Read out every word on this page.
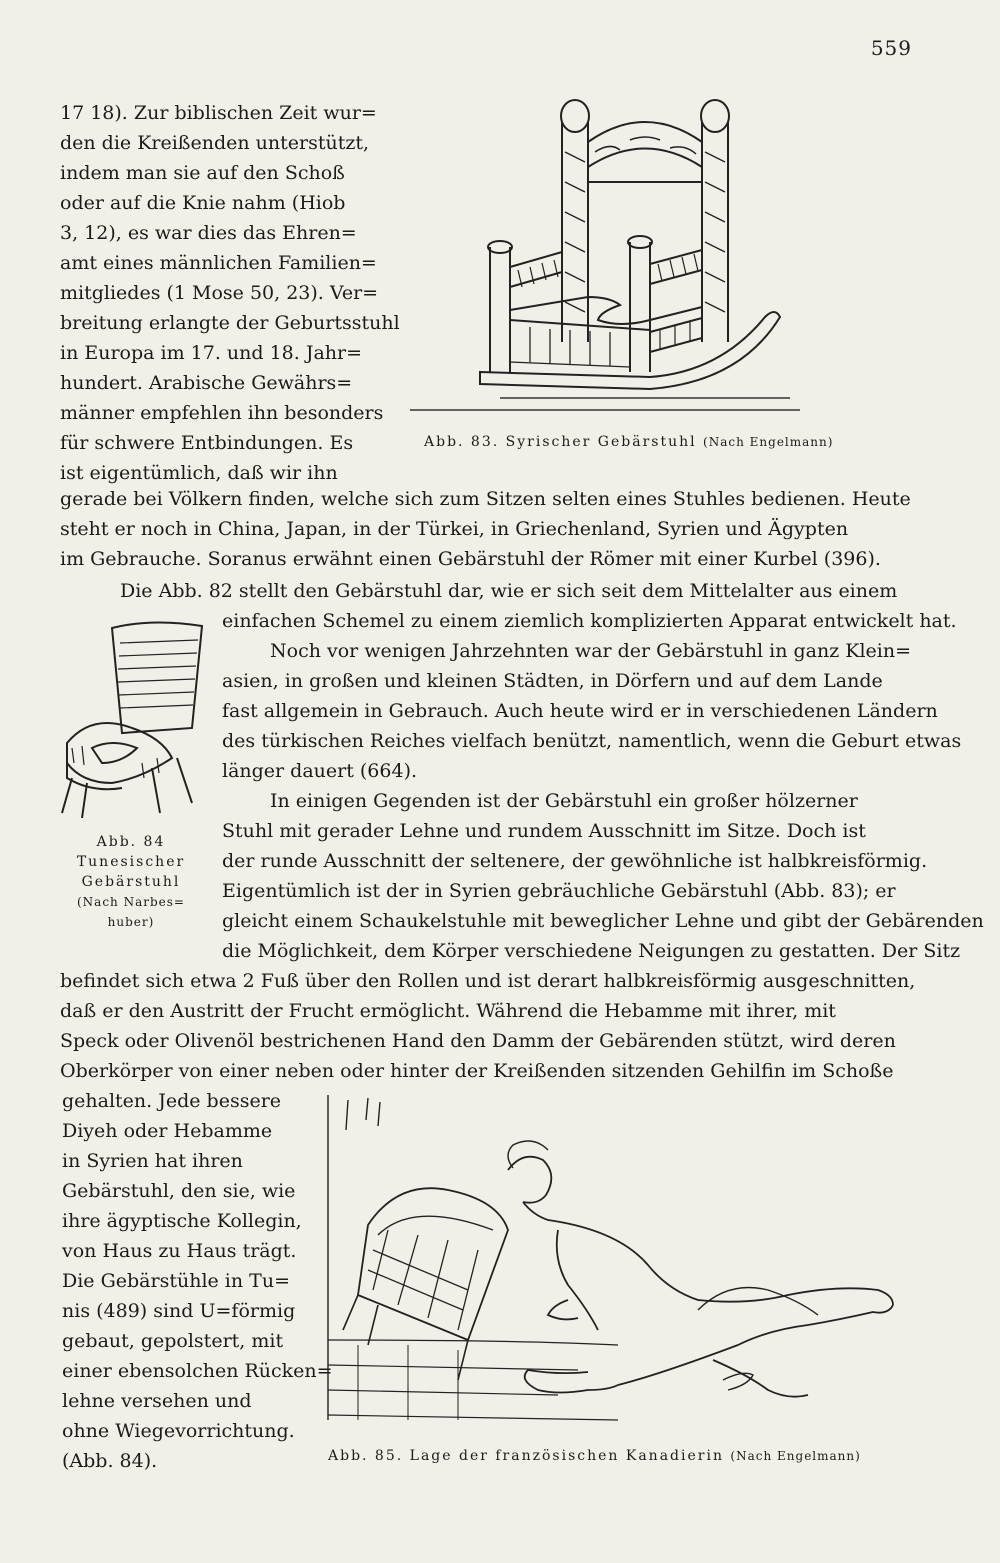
559

17 18). Zur biblischen Zeit wur=
den die Kreißenden unterstützt,
indem man sie auf den Schoß
oder auf die Knie nahm (Hiob
3, 12), es war dies das Ehren=
amt eines männlichen Familien=
mitgliedes (1 Mose 50, 23). Ver=
breitung erlangte der Geburtsstuhl
in Europa im 17. und 18. Jahr=
hundert. Arabische Gewährs=
männer empfehlen ihn besonders
für schwere Entbindungen. Es
ist eigentümlich, daß wir ihn
Abb. 83. Syrischer Gebärstuhl (Nach Engelmann)
gerade bei Völkern finden, welche sich zum Sitzen selten eines Stuhles bedienen. Heute
steht er noch in China, Japan, in der Türkei, in Griechenland, Syrien und Ägypten
im Gebrauche. Soranus erwähnt einen Gebärstuhl der Römer mit einer Kurbel (396).
Die Abb. 82 stellt den Gebärstuhl dar, wie er sich seit dem Mittelalter aus einem
Abb. 84
Tunesischer
Gebärstuhl
(Nach Narbes=
huber)
einfachen Schemel zu einem ziemlich komplizierten Apparat entwickelt hat.
Noch vor wenigen Jahrzehnten war der Gebärstuhl in ganz Klein=
asien, in großen und kleinen Städten, in Dörfern und auf dem Lande
fast allgemein in Gebrauch. Auch heute wird er in verschiedenen Ländern
des türkischen Reiches vielfach benützt, namentlich, wenn die Geburt etwas
länger dauert (664).
In einigen Gegenden ist der Gebärstuhl ein großer hölzerner
Stuhl mit gerader Lehne und rundem Ausschnitt im Sitze. Doch ist
der runde Ausschnitt der seltenere, der gewöhnliche ist halbkreisförmig.
Eigentümlich ist der in Syrien gebräuchliche Gebärstuhl (Abb. 83); er
gleicht einem Schaukelstuhle mit beweglicher Lehne und gibt der Gebärenden
die Möglichkeit, dem Körper verschiedene Neigungen zu gestatten. Der Sitz
befindet sich etwa 2 Fuß über den Rollen und ist derart halbkreisförmig ausgeschnitten,
daß er den Austritt der Frucht ermöglicht. Während die Hebamme mit ihrer, mit
Speck oder Olivenöl bestrichenen Hand den Damm der Gebärenden stützt, wird deren
Oberkörper von einer neben oder hinter der Kreißenden sitzenden Gehilfin im Schoße
gehalten. Jede bessere
Diyeh oder Hebamme
in Syrien hat ihren
Gebärstuhl, den sie, wie
ihre ägyptische Kollegin,
von Haus zu Haus trägt.
Die Gebärstühle in Tu=
nis (489) sind U=förmig
gebaut, gepolstert, mit
einer ebensolchen Rücken=
lehne versehen und
ohne Wiegevorrichtung.
(Abb. 84).	Abb. 85. Lage der französischen Kanadierin (Nach Engelmann)
